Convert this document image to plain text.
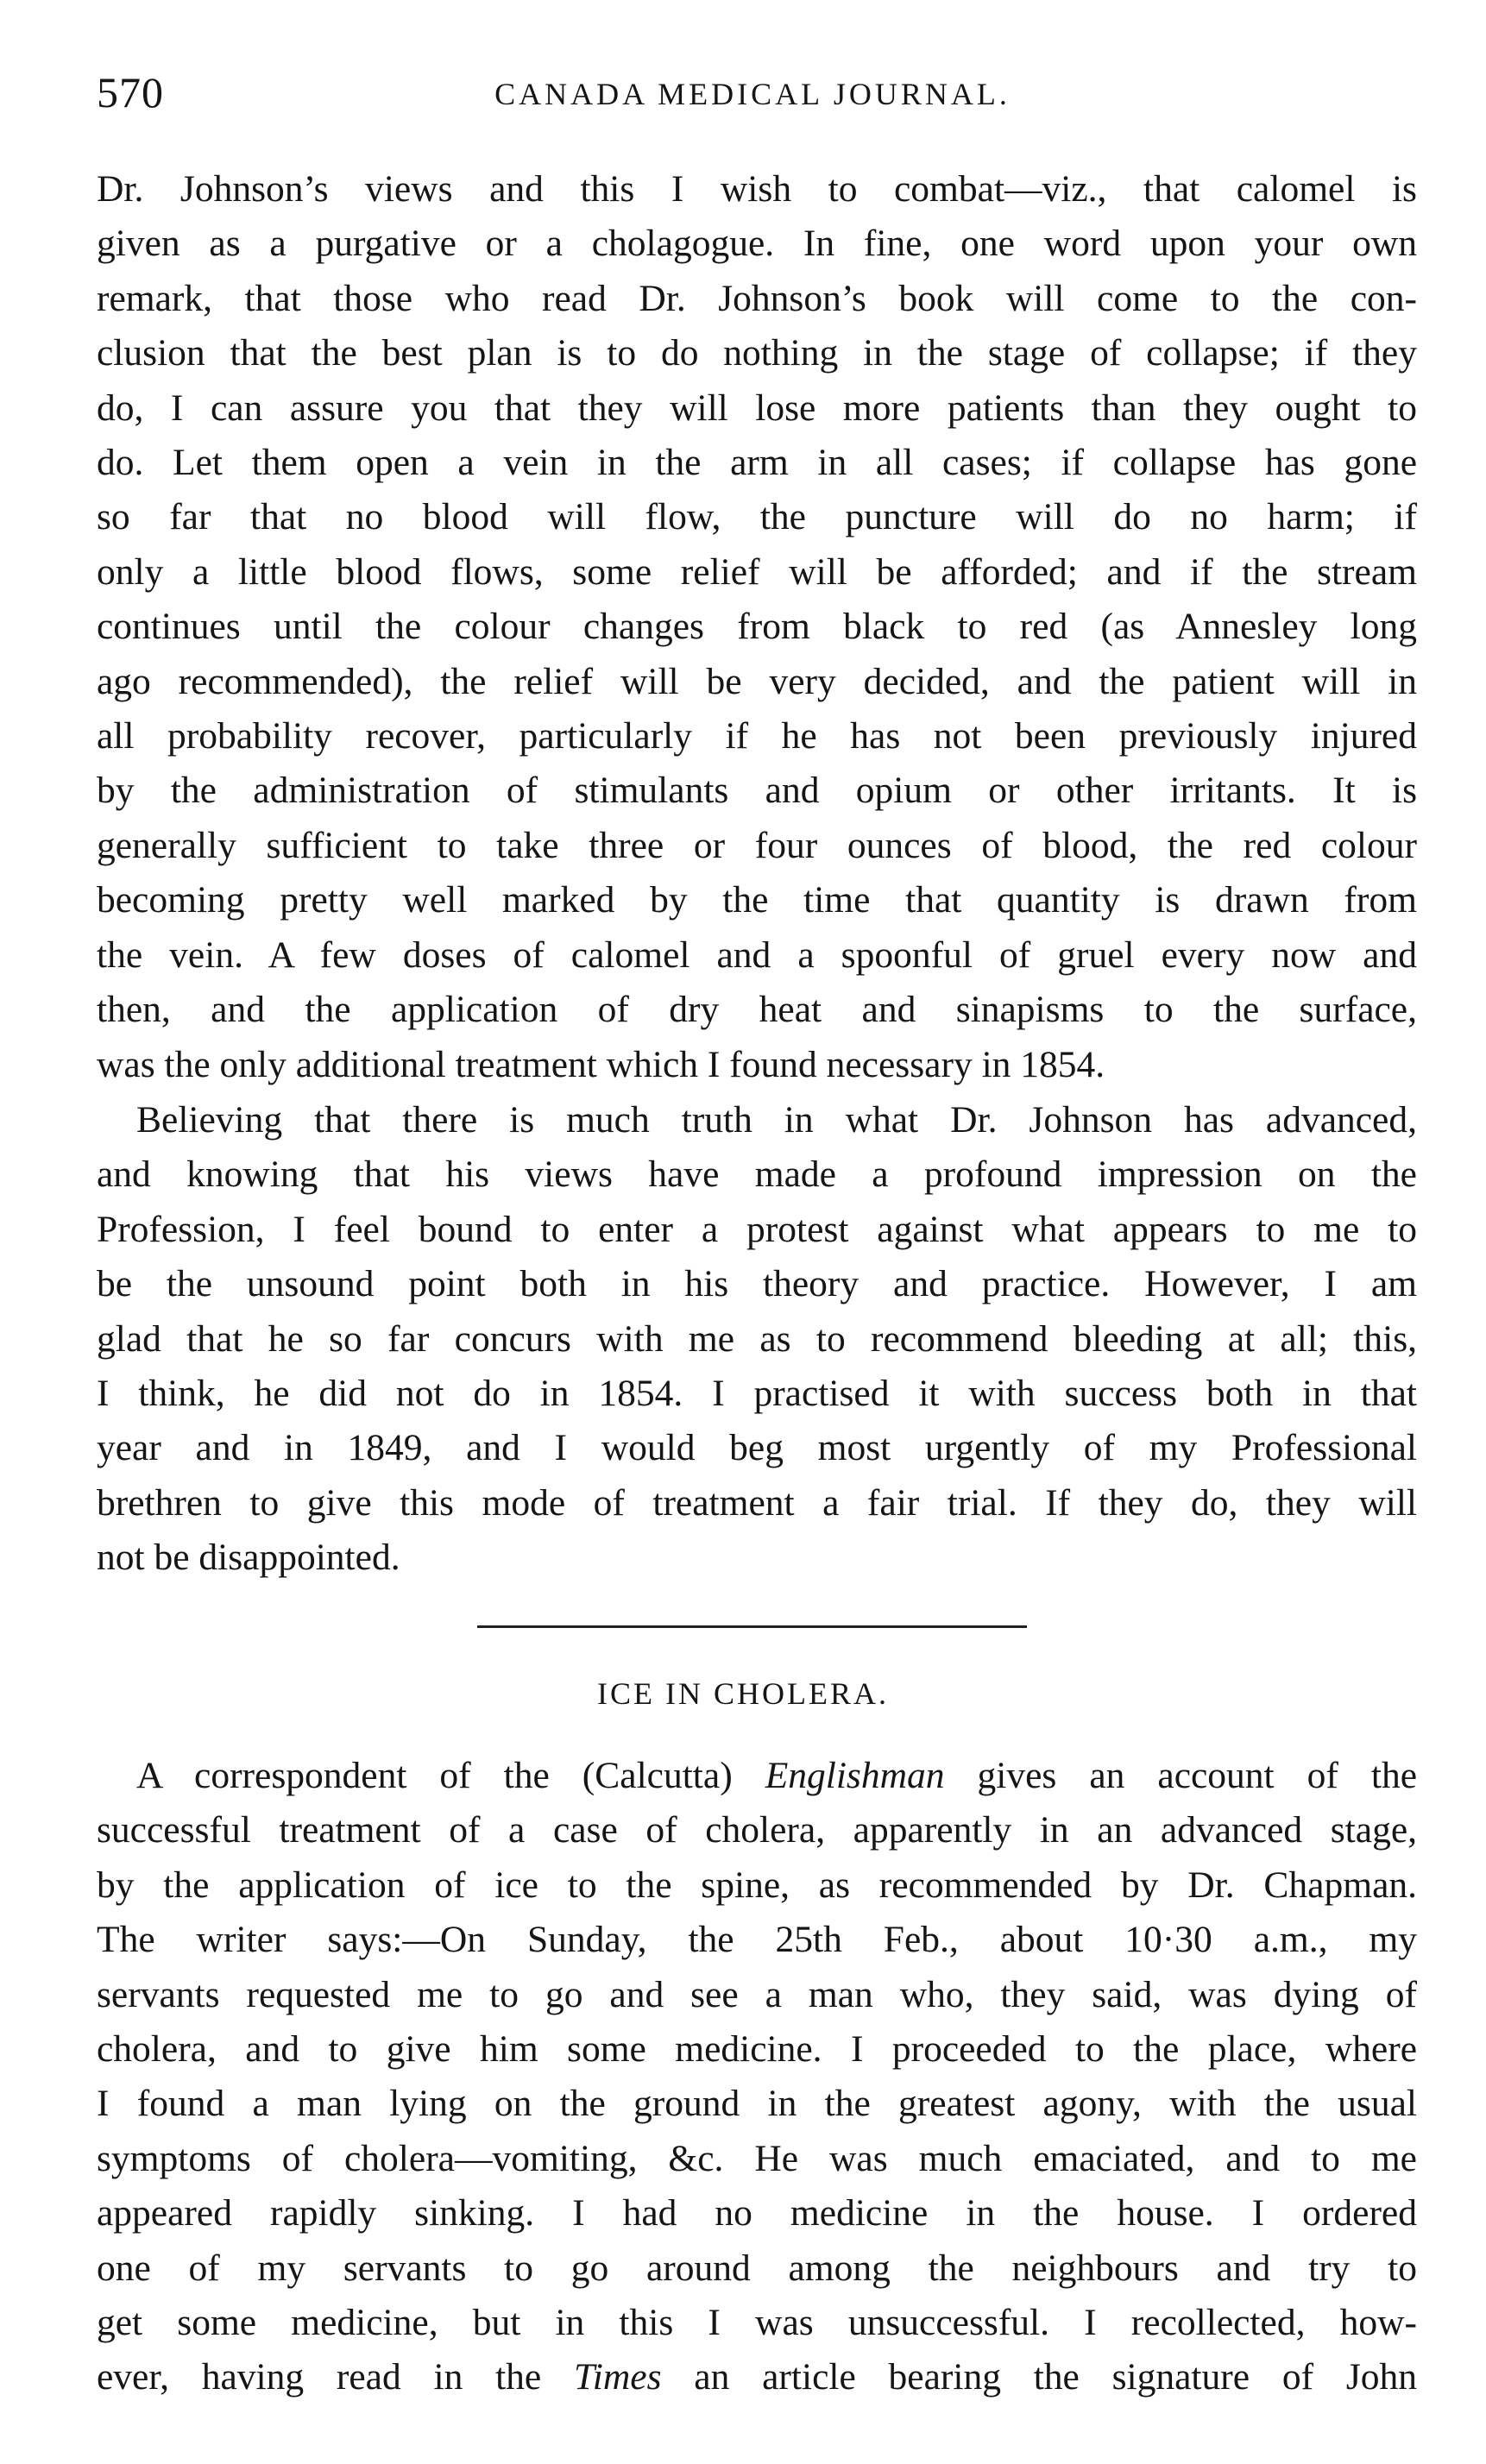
570	CANADA MEDICAL JOURNAL.

Dr. Johnson’s views and this I wish to combat—viz., that calomel is
given as a purgative or a cholagogue. In fine, one word upon your own
remark, that those who read Dr. Johnson’s book will come to the con-
clusion that the best plan is to do nothing in the stage of collapse; if they
do, I can assure you that they will lose more patients than they ought to
do. Let them open a vein in the arm in all cases; if collapse has gone
so far that no blood will flow, the puncture will do no harm; if
only a little blood flows, some relief will be afforded; and if the stream
continues until the colour changes from black to red (as Annesley long
ago recommended), the relief will be very decided, and the patient will in
all probability recover, particularly if he has not been previously injured
by the administration of stimulants and opium or other irritants. It is
generally sufficient to take three or four ounces of blood, the red colour
becoming pretty well marked by the time that quantity is drawn from
the vein. A few doses of calomel and a spoonful of gruel every now and
then, and the application of dry heat and sinapisms to the surface,
was the only additional treatment which I found necessary in 1854.

Believing that there is much truth in what Dr. Johnson has advanced,
and knowing that his views have made a profound impression on the
Profession, I feel bound to enter a protest against what appears to me to
be the unsound point both in his theory and practice. However, I am
glad that he so far concurs with me as to recommend bleeding at all; this,
I think, he did not do in 1854. I practised it with success both in that
year and in 1849, and I would beg most urgently of my Professional
brethren to give this mode of treatment a fair trial. If they do, they will
not be disappointed.

ICE IN CHOLERA.

A correspondent of the (Calcutta) Englishman gives an account of the
successful treatment of a case of cholera, apparently in an advanced stage,
by the application of ice to the spine, as recommended by Dr. Chapman.
The writer says:—On Sunday, the 25th Feb., about 10·30 a.m., my
servants requested me to go and see a man who, they said, was dying of
cholera, and to give him some medicine. I proceeded to the place, where
I found a man lying on the ground in the greatest agony, with the usual
symptoms of cholera—vomiting, &c. He was much emaciated, and to me
appeared rapidly sinking. I had no medicine in the house. I ordered
one of my servants to go around among the neighbours and try to
get some medicine, but in this I was unsuccessful. I recollected, how-
ever, having read in the Times an article bearing the signature of John
